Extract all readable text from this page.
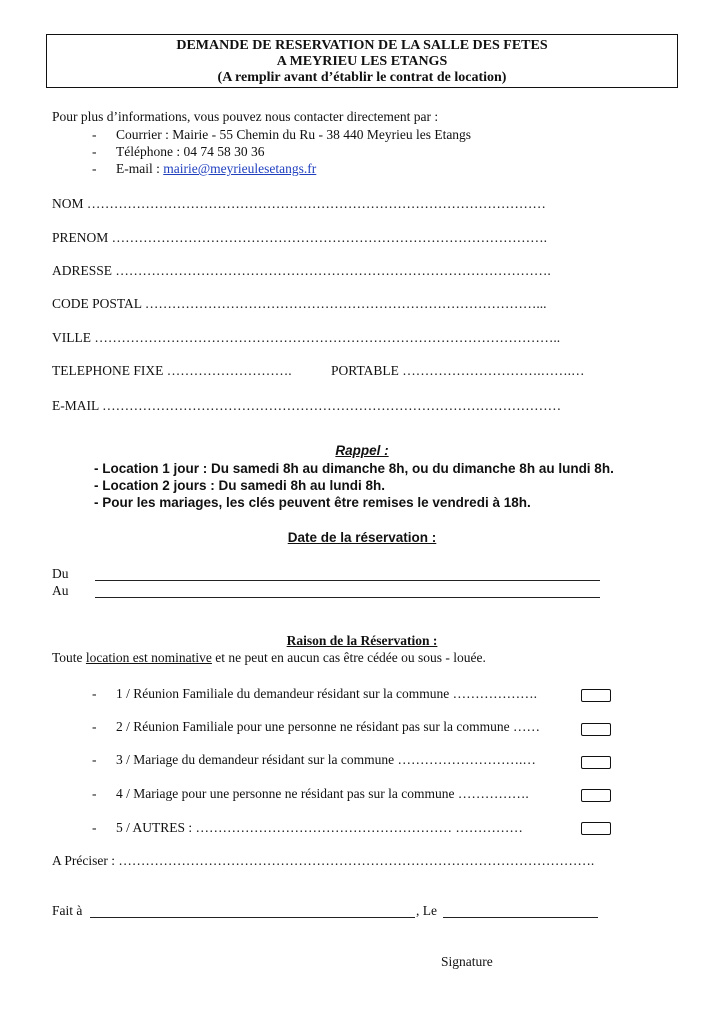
DEMANDE DE RESERVATION DE LA SALLE DES FETES
A MEYRIEU LES ETANGS
(A remplir avant d’établir le contrat de location)
Pour plus d’informations, vous pouvez nous contacter directement par :
- Courrier : Mairie - 55 Chemin du Ru - 38 440 Meyrieu les Etangs
- Téléphone : 04 74 58 30 36
- E-mail : mairie@meyrieulesetangs.fr
NOM …………………………………………………………………………………………
PRENOM …………………………………………………………………………………….
ADRESSE …………………………………………………………………………………….
CODE POSTAL ……………………………………………………………………………...
VILLE …………………………………………………………………………………………..
TELEPHONE FIXE ……………………….	PORTABLE ………………………….…….…
E-MAIL …………………………………………………………………………………………
Rappel :
- Location 1 jour : Du samedi 8h au dimanche 8h, ou du dimanche 8h au lundi 8h.
- Location 2 jours : Du samedi 8h au lundi 8h.
- Pour les mariages, les clés peuvent être remises le vendredi à 18h.
Date de la réservation :
Du
Au
Raison de la Réservation :
Toute location est nominative et ne peut en aucun cas être cédée ou sous - louée.
- 1 / Réunion Familiale du demandeur résidant sur la commune ……………….
- 2 / Réunion Familiale pour une personne ne résidant pas sur la commune ……
- 3 / Mariage du demandeur résidant sur la commune ……………………….…
- 4 / Mariage pour une personne ne résidant pas sur la commune …………….
- 5 / AUTRES : ………………………………………………… ……………
A Préciser : …………………………………………………………………………………………….
Fait à	, Le
Signature
